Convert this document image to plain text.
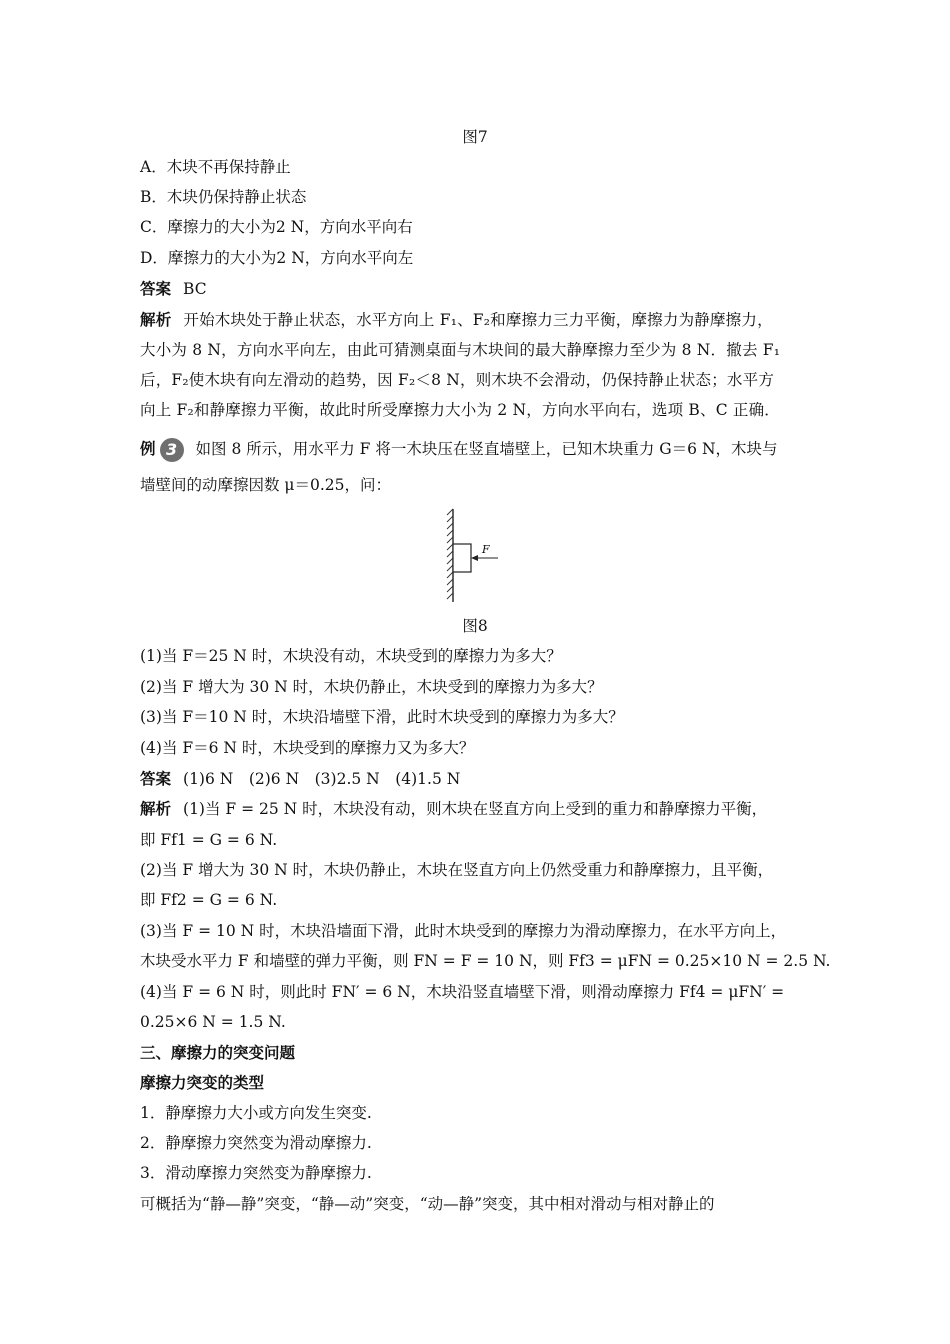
图7
A．木块不再保持静止
B．木块仍保持静止状态
C．摩擦力的大小为2 N，方向水平向右
D．摩擦力的大小为2 N，方向水平向左
答案 BC
解析 开始木块处于静止状态，水平方向上 F₁、F₂和摩擦力三力平衡，摩擦力为静摩擦力，
大小为 8 N，方向水平向左，由此可猜测桌面与木块间的最大静摩擦力至少为 8 N．撤去 F₁
后，F₂使木块有向左滑动的趋势，因 F₂＜8 N，则木块不会滑动，仍保持静止状态；水平方
向上 F₂和静摩擦力平衡，故此时所受摩擦力大小为 2 N，方向水平向右，选项 B、C 正确．
例 3 如图 8 所示，用水平力 F 将一木块压在竖直墙壁上，已知木块重力 G＝6 N，木块与
墙壁间的动摩擦因数 μ＝0.25，问：
F
图8
(1)当 F＝25 N 时，木块没有动，木块受到的摩擦力为多大？
(2)当 F 增大为 30 N 时，木块仍静止，木块受到的摩擦力为多大？
(3)当 F＝10 N 时，木块沿墙壁下滑，此时木块受到的摩擦力为多大？
(4)当 F＝6 N 时，木块受到的摩擦力又为多大？
答案 (1)6 N　(2)6 N　(3)2.5 N　(4)1.5 N
解析 (1)当 F = 25 N 时，木块没有动，则木块在竖直方向上受到的重力和静摩擦力平衡，
即 Ff1 = G = 6 N.
(2)当 F 增大为 30 N 时，木块仍静止，木块在竖直方向上仍然受重力和静摩擦力，且平衡，
即 Ff2 = G = 6 N.
(3)当 F = 10 N 时，木块沿墙面下滑，此时木块受到的摩擦力为滑动摩擦力，在水平方向上，
木块受水平力 F 和墙壁的弹力平衡，则 FN = F = 10 N，则 Ff3 = μFN = 0.25×10 N = 2.5 N.
(4)当 F = 6 N 时，则此时 FN′ = 6 N，木块沿竖直墙壁下滑，则滑动摩擦力 Ff4 = μFN′ =
0.25×6 N = 1.5 N.
三、摩擦力的突变问题
摩擦力突变的类型
1．静摩擦力大小或方向发生突变.
2．静摩擦力突然变为滑动摩擦力.
3．滑动摩擦力突然变为静摩擦力.
可概括为“静—静”突变，“静—动”突变，“动—静”突变，其中相对滑动与相对静止的
